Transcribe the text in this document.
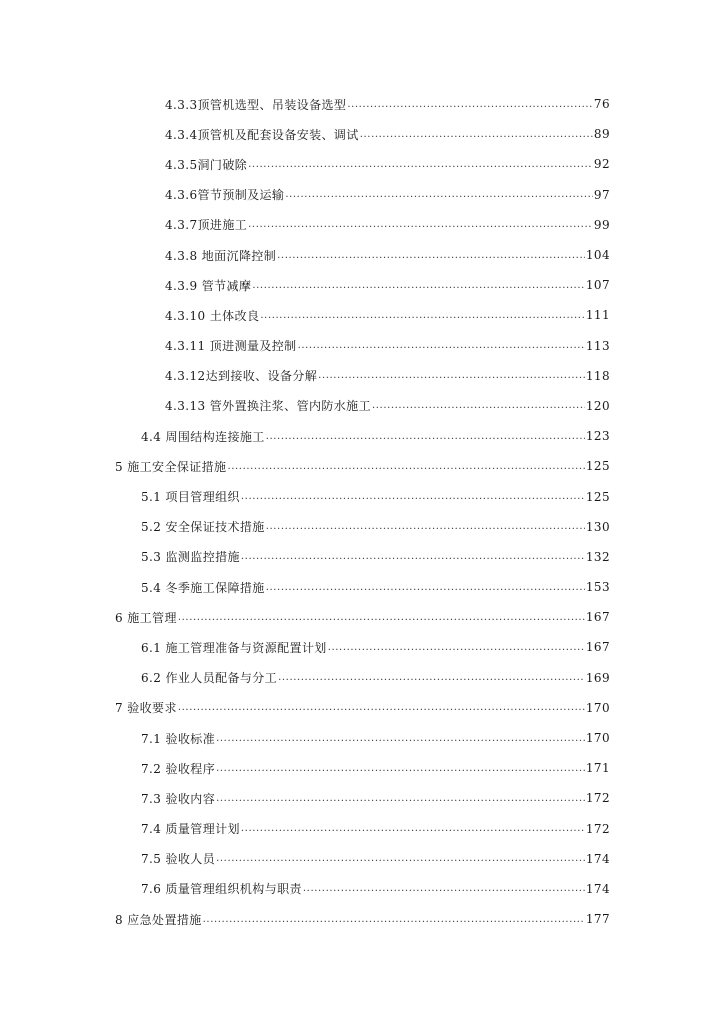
4.3.3顶管机选型、吊装设备选型 .....	76
4.3.4顶管机及配套设备安装、调试 .....	89
4.3.5洞门破除 .....	92
4.3.6管节预制及运输 .....	97
4.3.7顶进施工 .....	99
4.3.8 地面沉降控制 .....	104
4.3.9 管节减摩 .....	107
4.3.10 土体改良 .....	111
4.3.11 顶进测量及控制 .....	113
4.3.12达到接收、设备分解 .....	118
4.3.13 管外置换注浆、管内防水施工 .....	120
4.4 周围结构连接施工 .....	123
5 施工安全保证措施 .....	125
5.1 项目管理组织 .....	125
5.2 安全保证技术措施 .....	130
5.3 监测监控措施 .....	132
5.4 冬季施工保障措施 .....	153
6 施工管理 .....	167
6.1 施工管理准备与资源配置计划 .....	167
6.2 作业人员配备与分工 .....	169
7 验收要求 .....	170
7.1 验收标准 .....	170
7.2 验收程序 .....	171
7.3 验收内容 .....	172
7.4 质量管理计划 .....	172
7.5 验收人员 .....	174
7.6 质量管理组织机构与职责 .....	174
8 应急处置措施 .....	177
